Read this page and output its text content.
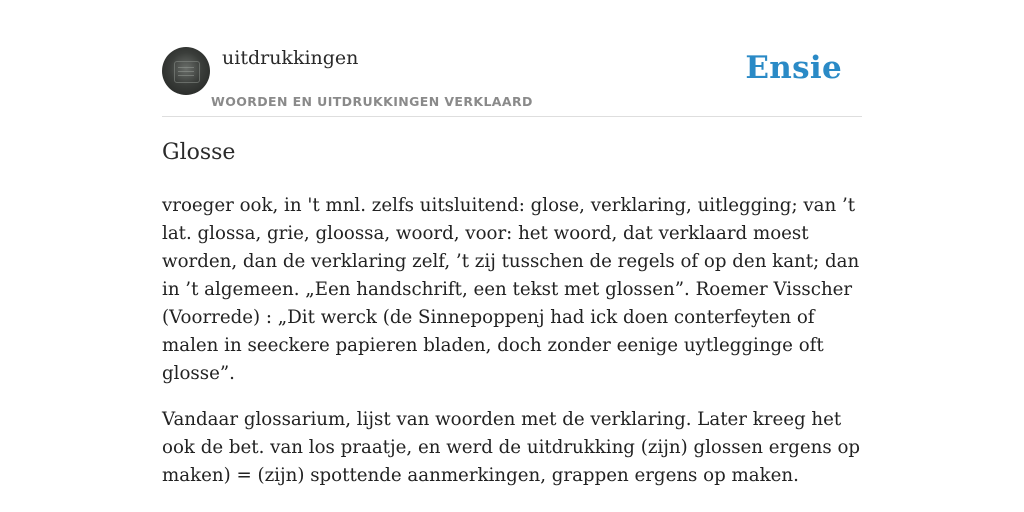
uitdrukkingen
WOORDEN EN UITDRUKKINGEN VERKLAARD
Ensie
Glosse

vroeger ook, in 't mnl. zelfs uitsluitend: glose, verklaring, uitlegging; van ’t lat. glossa, grie, gloossa, woord, voor: het woord, dat verklaard moest worden, dan de verklaring zelf, ’t zij tusschen de regels of op den kant; dan in ’t algemeen. „Een handschrift, een tekst met glossen”. Roemer Visscher (Voorrede) : „Dit werck (de Sinnepoppenj had ick doen conterfeyten of malen in seeckere papieren bladen, doch zonder eenige uytlegginge oft glosse”.

Vandaar glossarium, lijst van woorden met de verklaring. Later kreeg het ook de bet. van los praatje, en werd de uitdrukking (zijn) glossen ergens op maken) = (zijn) spottende aanmerkingen, grappen ergens op maken.
